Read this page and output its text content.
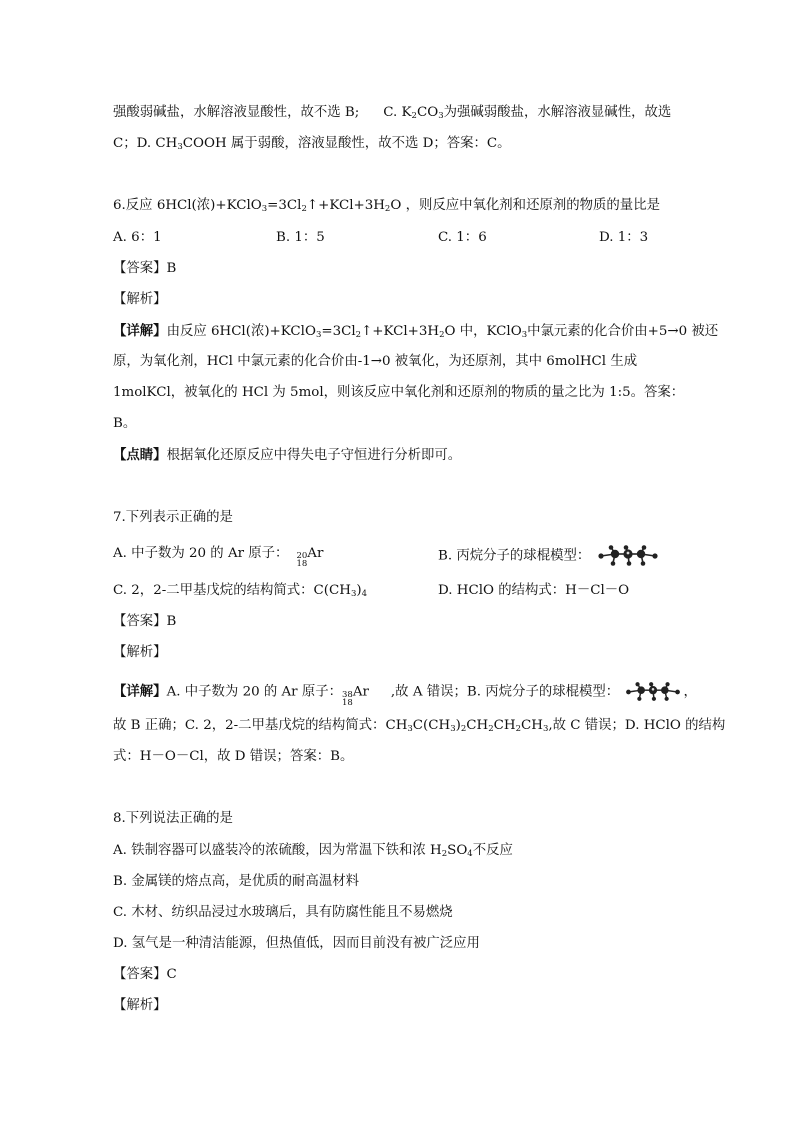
强酸弱碱盐，水解溶液显酸性，故不选 B; C. $K_2CO_3$为强碱弱酸盐，水解溶液显碱性，故选
C；D. $CH_3COOH$ 属于弱酸，溶液显酸性，故不选 D；答案：C。
6.反应 6HCl(浓)$+KClO_3=3Cl_2↑+KCl+3H_2O$ ，则反应中氧化剂和还原剂的物质的量比是
A. 6：1	B. 1：5	C. 1：6	D. 1：3
【答案】B
【解析】
【详解】由反应 6HCl(浓)$+KClO_3=3Cl_2↑+KCl+3H_2O$ 中，KClO$_3$中氯元素的化合价由+5→0 被还
原，为氧化剂，HCl 中氯元素的化合价由-1→0 被氧化，为还原剂，其中 6molHCl 生成
1molKCl，被氧化的 HCl 为 5mol，则该反应中氧化剂和还原剂的物质的量之比为 1:5。答案：
B。
【点睛】根据氧化还原反应中得失电子守恒进行分析即可。
7.下列表示正确的是
A. 中子数为 20 的 Ar 原子： 20
18
Ar	B. 丙烷分子的球棍模型：
C. 2，2-二甲基戊烷的结构简式：$C(CH_3)_4$	D. HClO 的结构式：H－Cl－O
【答案】B
【解析】
【详解】A. 中子数为 20 的 Ar 原子： 38
18
Ar ,故 A 错误；B. 丙烷分子的球棍模型：	，
故 B 正确；C. 2，2-二甲基戊烷的结构简式：$CH_3C(CH_3)_2CH_2CH_2CH_3$,故 C 错误；D. HClO 的结构
式：H－O－Cl，故 D 错误；答案：B。
8.下列说法正确的是
A. 铁制容器可以盛装冷的浓硫酸，因为常温下铁和浓 $H_2SO_4$不反应
B. 金属镁的熔点高，是优质的耐高温材料
C. 木材、纺织品浸过水玻璃后，具有防腐性能且不易燃烧
D. 氢气是一种清洁能源，但热值低，因而目前没有被广泛应用
【答案】C
【解析】
